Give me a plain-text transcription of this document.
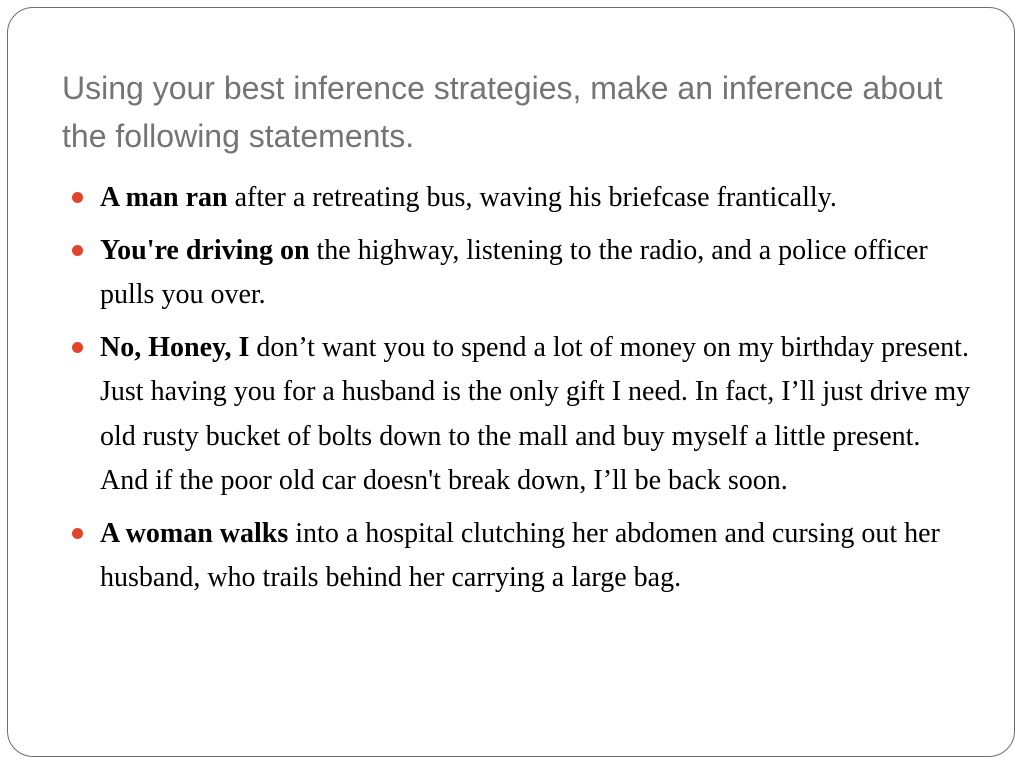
Using your best inference strategies, make an inference about the following statements.
A man ran after a retreating bus, waving his briefcase frantically.
You're driving on the highway, listening to the radio, and a police officer pulls you over.
No, Honey, I don’t want you to spend a lot of money on my birthday present. Just having you for a husband is the only gift I need. In fact, I’ll just drive my old rusty bucket of bolts down to the mall and buy myself a little present. And if the poor old car doesn't break down, I’ll be back soon.
A woman walks into a hospital clutching her abdomen and cursing out her husband, who trails behind her carrying a large bag.
